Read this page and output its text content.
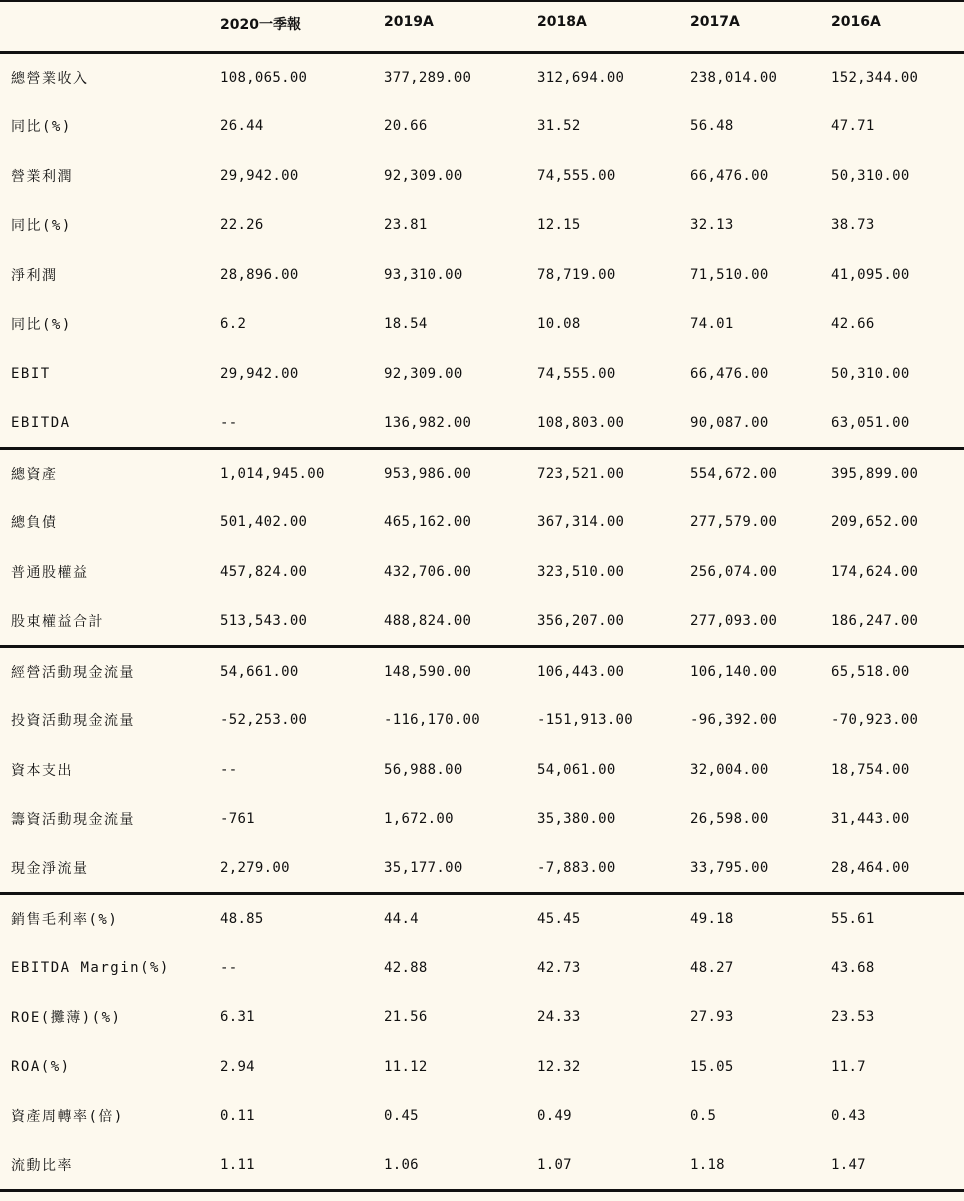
	2020一季報	2019A	2018A	2017A	2016A
總營業收入	108,065.00	377,289.00	312,694.00	238,014.00	152,344.00
同比(%)	26.44	20.66	31.52	56.48	47.71
營業利潤	29,942.00	92,309.00	74,555.00	66,476.00	50,310.00
同比(%)	22.26	23.81	12.15	32.13	38.73
淨利潤	28,896.00	93,310.00	78,719.00	71,510.00	41,095.00
同比(%)	6.2	18.54	10.08	74.01	42.66
EBIT	29,942.00	92,309.00	74,555.00	66,476.00	50,310.00
EBITDA	--	136,982.00	108,803.00	90,087.00	63,051.00
總資產	1,014,945.00	953,986.00	723,521.00	554,672.00	395,899.00
總負債	501,402.00	465,162.00	367,314.00	277,579.00	209,652.00
普通股權益	457,824.00	432,706.00	323,510.00	256,074.00	174,624.00
股東權益合計	513,543.00	488,824.00	356,207.00	277,093.00	186,247.00
經營活動現金流量	54,661.00	148,590.00	106,443.00	106,140.00	65,518.00
投資活動現金流量	-52,253.00	-116,170.00	-151,913.00	-96,392.00	-70,923.00
資本支出	--	56,988.00	54,061.00	32,004.00	18,754.00
籌資活動現金流量	-761	1,672.00	35,380.00	26,598.00	31,443.00
現金淨流量	2,279.00	35,177.00	-7,883.00	33,795.00	28,464.00
銷售毛利率(%)	48.85	44.4	45.45	49.18	55.61
EBITDA Margin(%)	--	42.88	42.73	48.27	43.68
ROE(攤薄)(%)	6.31	21.56	24.33	27.93	23.53
ROA(%)	2.94	11.12	12.32	15.05	11.7
資產周轉率(倍)	0.11	0.45	0.49	0.5	0.43
流動比率	1.11	1.06	1.07	1.18	1.47
